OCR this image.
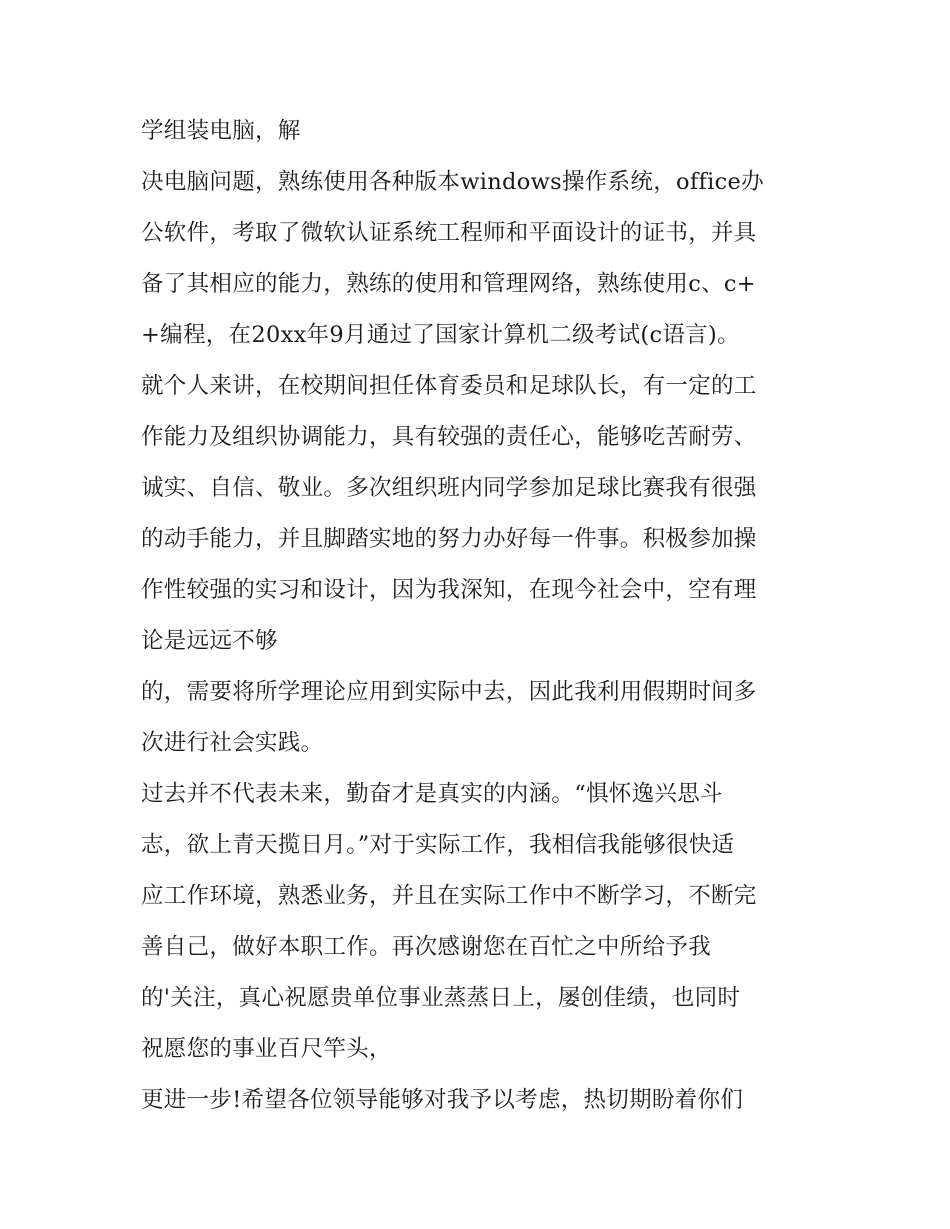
学组装电脑，解
决电脑问题，熟练使用各种版本windows操作系统，office办
公软件，考取了微软认证系统工程师和平面设计的证书，并具
备了其相应的能力，熟练的使用和管理网络，熟练使用c、c+
+编程，在20xx年9月通过了国家计算机二级考试(c语言)。
就个人来讲，在校期间担任体育委员和足球队长，有一定的工
作能力及组织协调能力，具有较强的责任心，能够吃苦耐劳、
诚实、自信、敬业。多次组织班内同学参加足球比赛我有很强
的动手能力，并且脚踏实地的努力办好每一件事。积极参加操
作性较强的实习和设计，因为我深知，在现今社会中，空有理
论是远远不够
的，需要将所学理论应用到实际中去，因此我利用假期时间多
次进行社会实践。
过去并不代表未来，勤奋才是真实的内涵。“惧怀逸兴思斗
志，欲上青天揽日月。”对于实际工作，我相信我能够很快适
应工作环境，熟悉业务，并且在实际工作中不断学习，不断完
善自己，做好本职工作。再次感谢您在百忙之中所给予我
的'关注，真心祝愿贵单位事业蒸蒸日上，屡创佳绩，也同时
祝愿您的事业百尺竿头，
更进一步!希望各位领导能够对我予以考虑，热切期盼着你们
